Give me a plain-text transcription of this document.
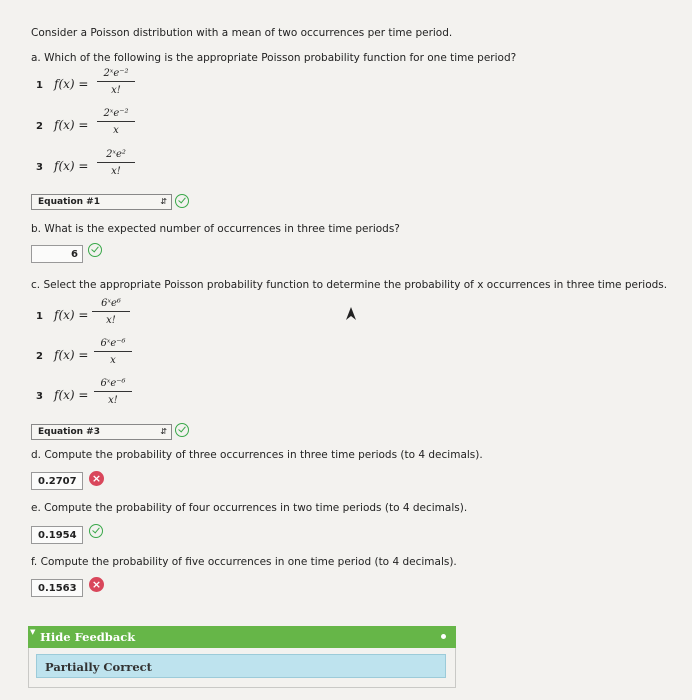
Consider a Poisson distribution with a mean of two occurrences per time period.
a. Which of the following is the appropriate Poisson probability function for one time period?
1 $f(x) = \frac{\text{2ˣe⁻²}}{x!}$
2 $f(x) = \frac{\text{2ˣe⁻²}}{x}$
3 $f(x) = \frac{\text{2ˣe²}}{x!}$
Equation #1	⇵
b. What is the expected number of occurrences in three time periods?
6
c. Select the appropriate Poisson probability function to determine the probability of x occurrences in three time periods.
1 $f(x) = \frac{\text{6ˣe⁶}}{x!}$
2 $f(x) = \frac{\text{6ˣe⁻⁶}}{x}$
3 $f(x) = \frac{\text{6ˣe⁻⁶}}{x!}$
Equation #3	⇵
d. Compute the probability of three occurrences in three time periods (to 4 decimals).
0.2707	×
e. Compute the probability of four occurrences in two time periods (to 4 decimals).
0.1954
f. Compute the probability of five occurrences in one time period (to 4 decimals).
0.1563	×
▼ Hide Feedback
Partially Correct
